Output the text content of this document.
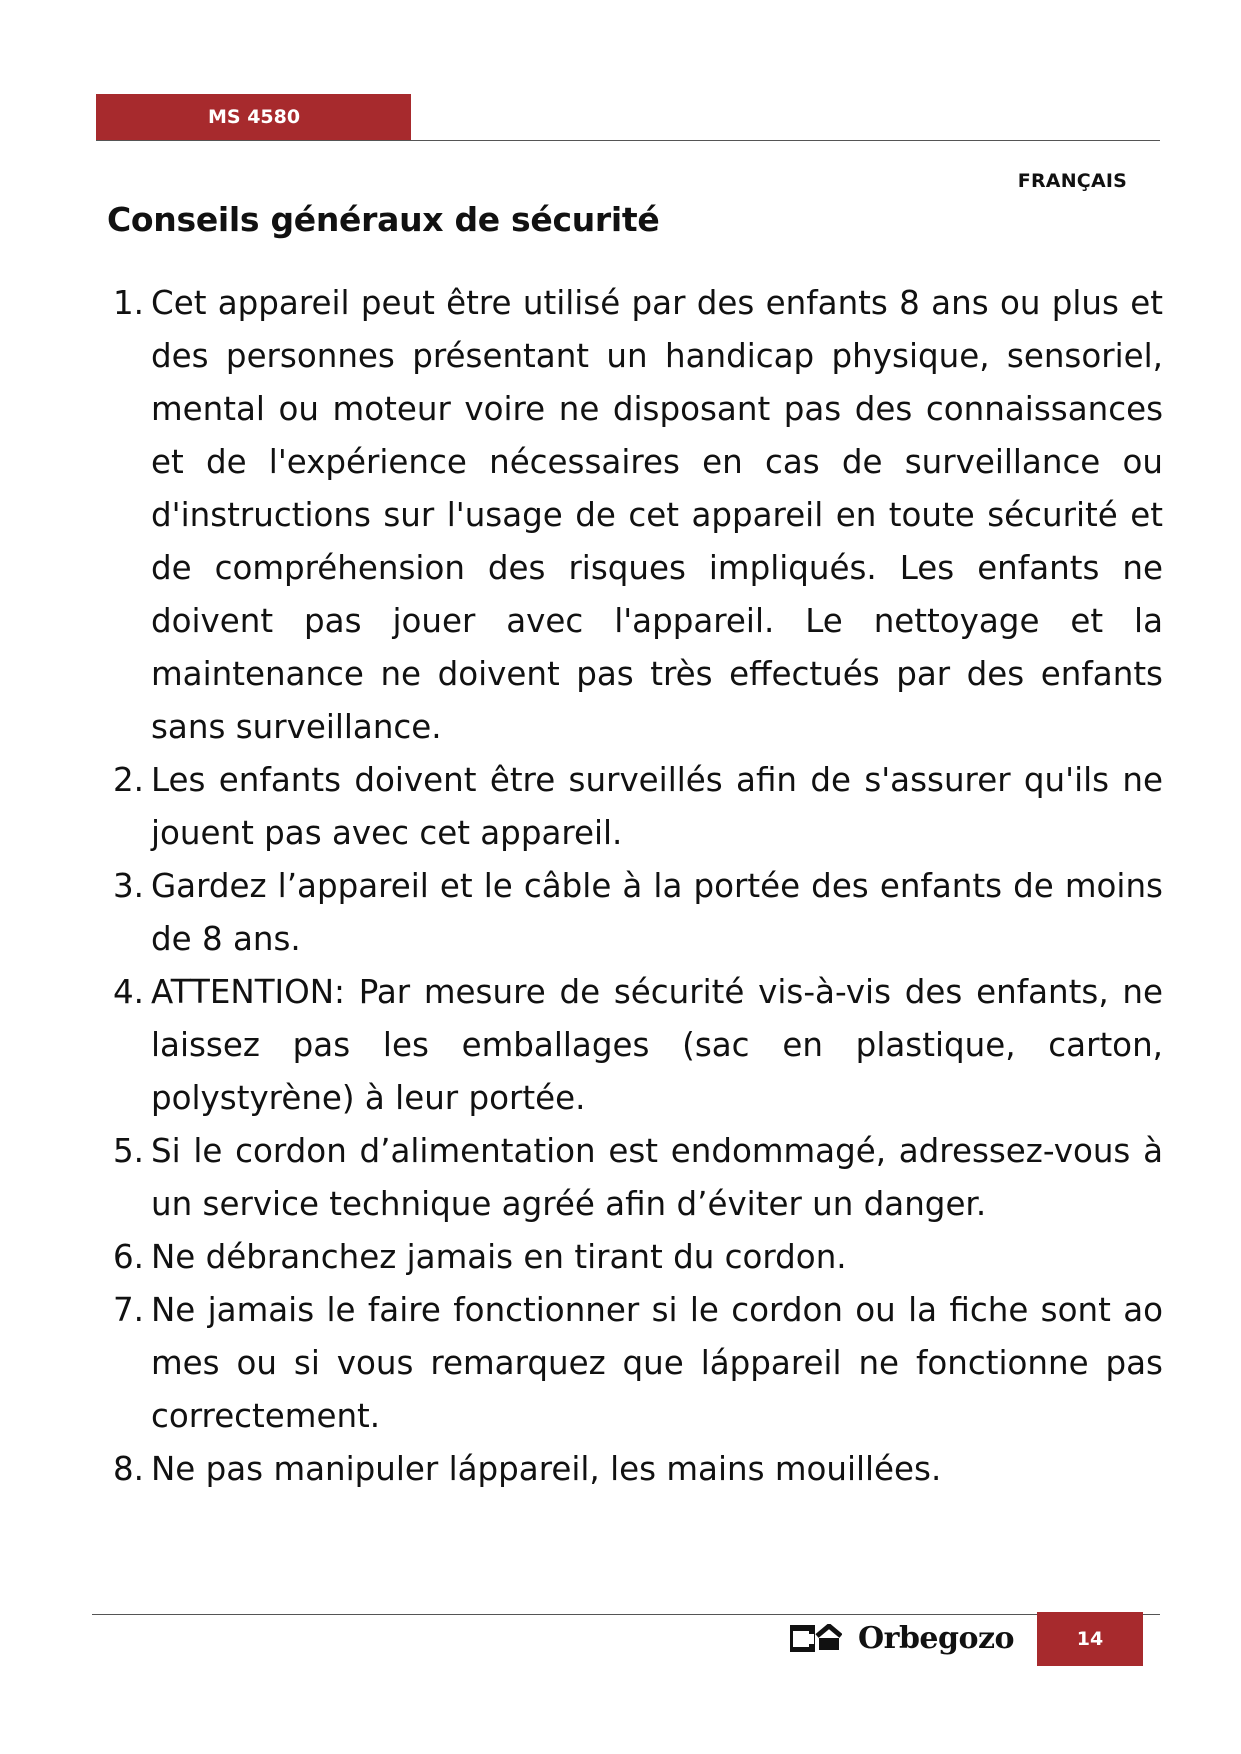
MS 4580
FRANÇAIS
Conseils généraux de sécurité
1. Cet appareil peut être utilisé par des enfants 8 ans ou plus et des personnes présentant un handicap physique, sensoriel, mental ou moteur voire ne disposant pas des connaissances et de l'expérience nécessaires en cas de surveillance ou d'instructions sur l'usage de cet appareil en toute sécurité et de compréhension des risques impliqués. Les enfants ne doivent pas jouer avec l'appareil. Le nettoyage et la maintenance ne doivent pas très effectués par des enfants sans surveillance.
2. Les enfants doivent être surveillés afin de s'assurer qu'ils ne jouent pas avec cet appareil.
3. Gardez l’appareil et le câble à la portée des enfants de moins de 8 ans.
4. ATTENTION: Par mesure de sécurité vis-à-vis des enfants, ne laissez pas les emballages (sac en plastique, carton, polystyrène) à leur portée.
5. Si le cordon d’alimentation est endommagé, adressez-vous à un service technique agréé afin d’éviter un danger.
6. Ne débranchez jamais en tirant du cordon.
7. Ne jamais le faire fonctionner si le cordon ou la fiche sont ao mes ou si vous remarquez que láppareil ne fonctionne pas correctement.
8. Ne pas manipuler láppareil, les mains mouillées.
Orbegozo	14
